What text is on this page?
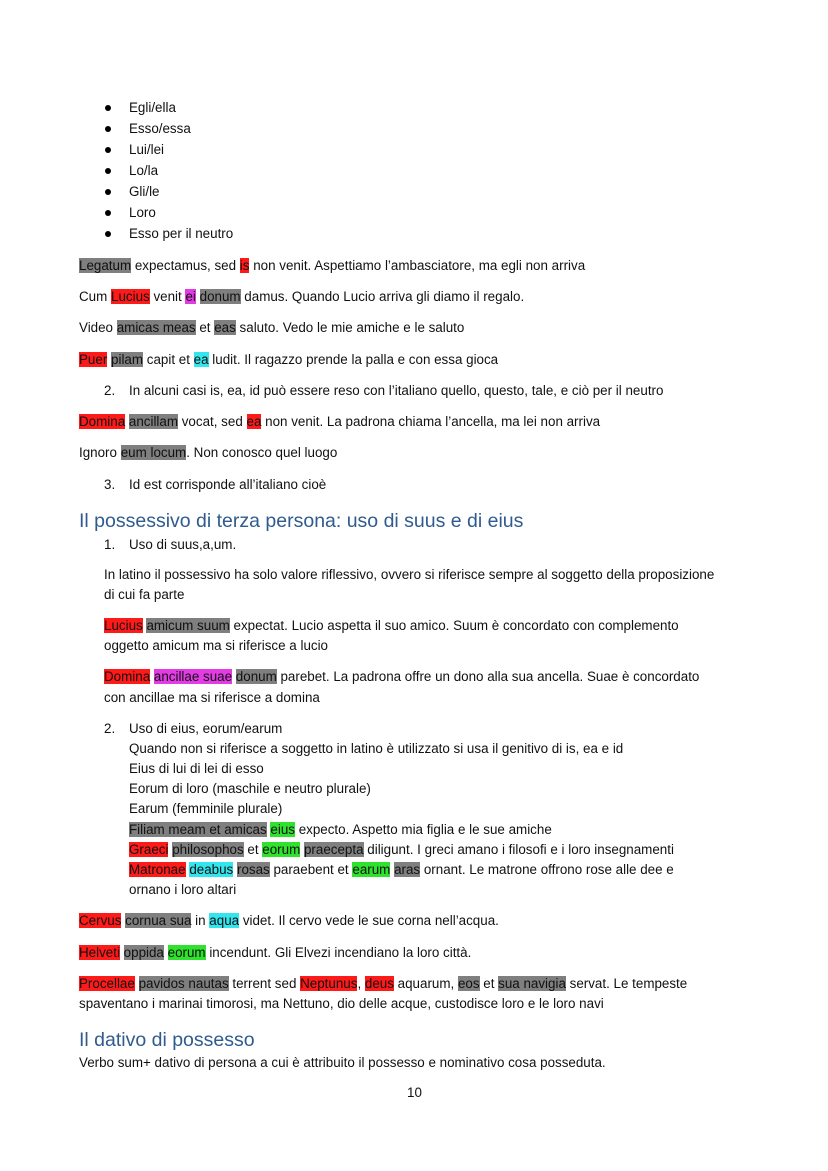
Egli/ella
Esso/essa
Lui/lei
Lo/la
Gli/le
Loro
Esso per il neutro
Legatum expectamus, sed is non venit. Aspettiamo l’ambasciatore, ma egli non arriva
Cum Lucius venit ei donum damus. Quando Lucio arriva gli diamo il regalo.
Video amicas meas et eas saluto. Vedo le mie amiche e le saluto
Puer pilam capit et ea ludit. Il ragazzo prende la palla e con essa gioca
2. In alcuni casi is, ea, id può essere reso con l’italiano quello, questo, tale, e ciò per il neutro
Domina ancillam vocat, sed ea non venit. La padrona chiama l’ancella, ma lei non arriva
Ignoro eum locum. Non conosco quel luogo
3. Id est corrisponde all’italiano cioè
Il possessivo di terza persona: uso di suus e di eius
1. Uso di suus,a,um.
In latino il possessivo ha solo valore riflessivo, ovvero si riferisce sempre al soggetto della proposizione
di cui fa parte
Lucius amicum suum expectat. Lucio aspetta il suo amico. Suum è concordato con complemento
oggetto amicum ma si riferisce a lucio
Domina ancillae suae donum parebet. La padrona offre un dono alla sua ancella. Suae è concordato
con ancillae ma si riferisce a domina
2. Uso di eius, eorum/earum
Quando non si riferisce a soggetto in latino è utilizzato si usa il genitivo di is, ea e id
Eius di lui di lei di esso
Eorum di loro (maschile e neutro plurale)
Earum (femminile plurale)
Filiam meam et amicas eius expecto. Aspetto mia figlia e le sue amiche
Graeci philosophos et eorum praecepta diligunt. I greci amano i filosofi e i loro insegnamenti
Matronae deabus rosas paraebent et earum aras ornant. Le matrone offrono rose alle dee e
ornano i loro altari
Cervus cornua sua in aqua videt. Il cervo vede le sue corna nell’acqua.
Helveti oppida eorum incendunt. Gli Elvezi incendiano la loro città.
Procellae pavidos nautas terrent sed Neptunus, deus aquarum, eos et sua navigia servat. Le tempeste
spaventano i marinai timorosi, ma Nettuno, dio delle acque, custodisce loro e le loro navi
Il dativo di possesso
Verbo sum+ dativo di persona a cui è attribuito il possesso e nominativo cosa posseduta.
10
